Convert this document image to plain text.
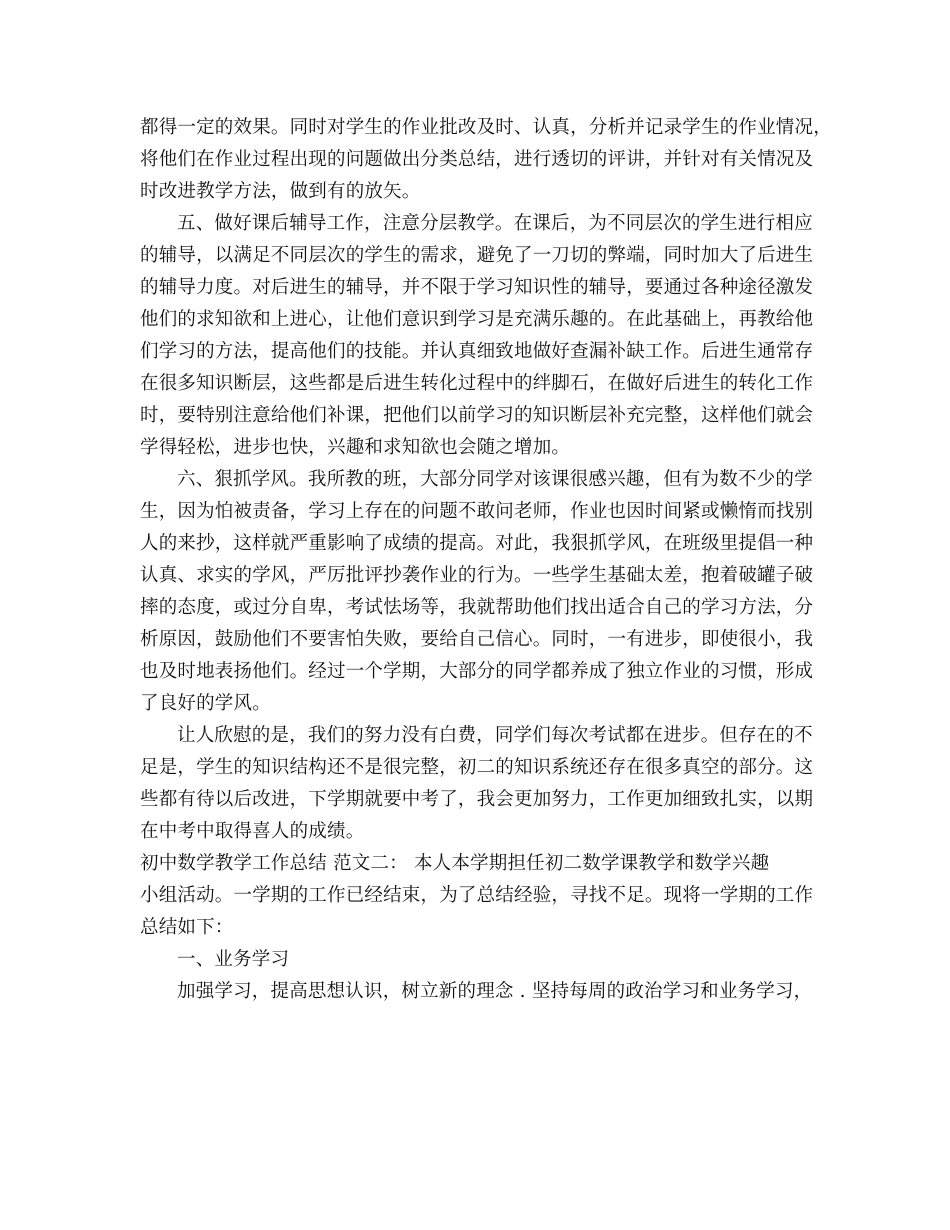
都得一定的效果。同时对学生的作业批改及时、认真，分析并记录学生的作业情况，
将他们在作业过程出现的问题做出分类总结，进行透切的评讲，并针对有关情况及
时改进教学方法，做到有的放矢。
五、做好课后辅导工作，注意分层教学。在课后，为不同层次的学生进行相应
的辅导，以满足不同层次的学生的需求，避免了一刀切的弊端，同时加大了后进生
的辅导力度。对后进生的辅导，并不限于学习知识性的辅导，要通过各种途径激发
他们的求知欲和上进心，让他们意识到学习是充满乐趣的。在此基础上，再教给他
们学习的方法，提高他们的技能。并认真细致地做好查漏补缺工作。后进生通常存
在很多知识断层，这些都是后进生转化过程中的绊脚石，在做好后进生的转化工作
时，要特别注意给他们补课，把他们以前学习的知识断层补充完整，这样他们就会
学得轻松，进步也快，兴趣和求知欲也会随之增加。
六、狠抓学风。我所教的班，大部分同学对该课很感兴趣，但有为数不少的学
生，因为怕被责备，学习上存在的问题不敢问老师，作业也因时间紧或懒惰而找别
人的来抄，这样就严重影响了成绩的提高。对此，我狠抓学风，在班级里提倡一种
认真、求实的学风，严厉批评抄袭作业的行为。一些学生基础太差，抱着破罐子破
摔的态度，或过分自卑，考试怯场等，我就帮助他们找出适合自己的学习方法，分
析原因，鼓励他们不要害怕失败，要给自己信心。同时，一有进步，即使很小，我
也及时地表扬他们。经过一个学期，大部分的同学都养成了独立作业的习惯，形成
了良好的学风。
让人欣慰的是，我们的努力没有白费，同学们每次考试都在进步。但存在的不
足是，学生的知识结构还不是很完整，初二的知识系统还存在很多真空的部分。这
些都有待以后改进，下学期就要中考了，我会更加努力，工作更加细致扎实，以期
在中考中取得喜人的成绩。
初中数学教学工作总结 范文二： 本人本学期担任初二数学课教学和数学兴趣
小组活动。一学期的工作已经结束，为了总结经验，寻找不足。现将一学期的工作
总结如下：
一、业务学习
加强学习，提高思想认识，树立新的理念 . 坚持每周的政治学习和业务学习，
